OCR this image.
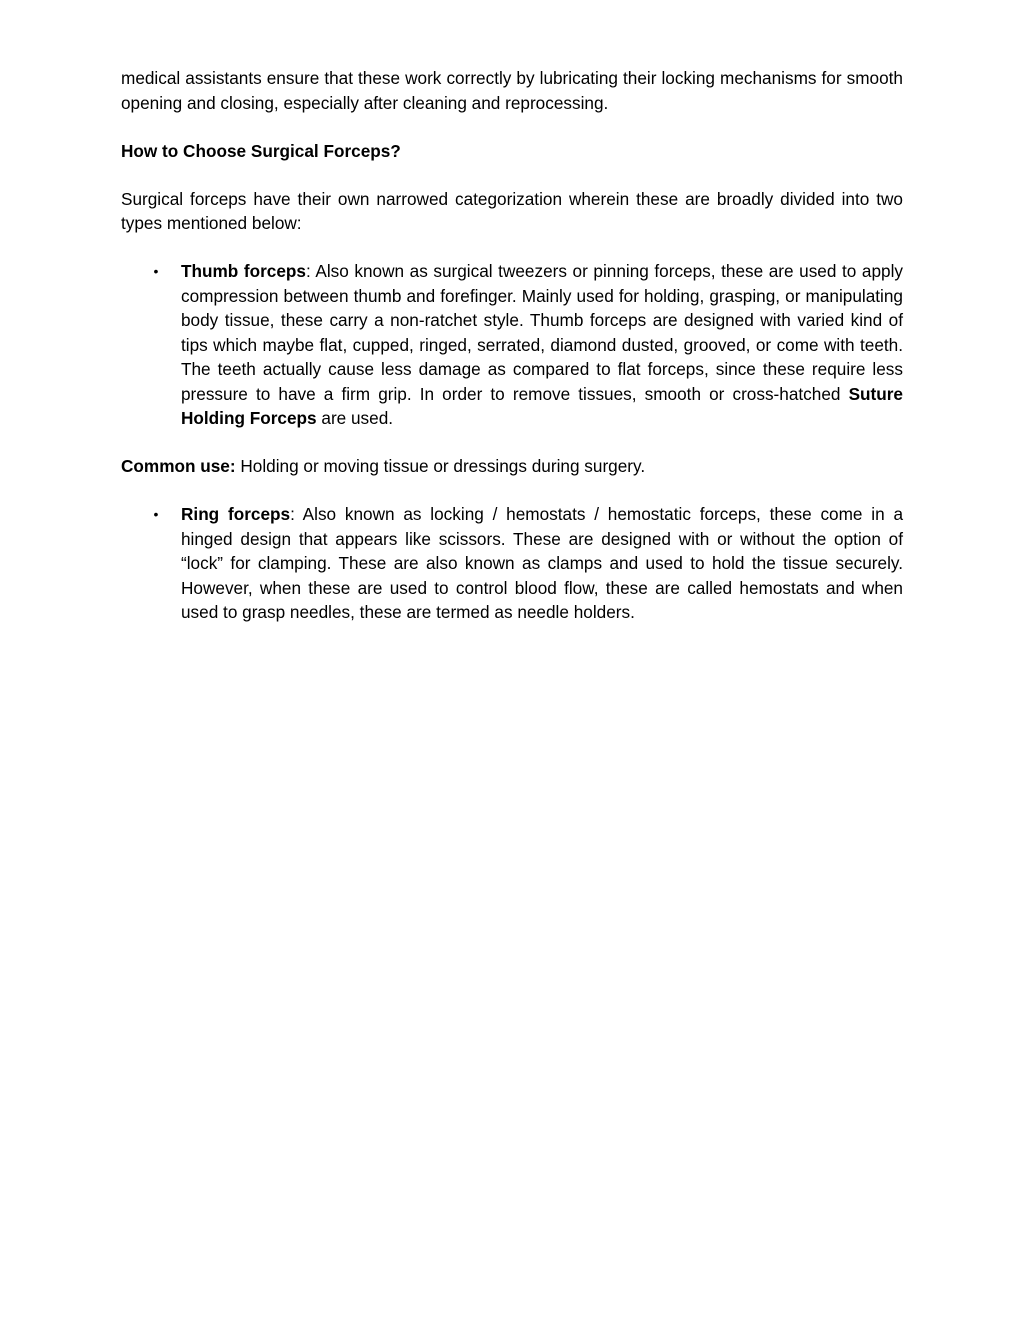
medical assistants ensure that these work correctly by lubricating their locking mechanisms for smooth opening and closing, especially after cleaning and reprocessing.

How to Choose Surgical Forceps?

Surgical forceps have their own narrowed categorization wherein these are broadly divided into two types mentioned below:

• Thumb forceps: Also known as surgical tweezers or pinning forceps, these are used to apply compression between thumb and forefinger. Mainly used for holding, grasping, or manipulating body tissue, these carry a non-ratchet style. Thumb forceps are designed with varied kind of tips which maybe flat, cupped, ringed, serrated, diamond dusted, grooved, or come with teeth. The teeth actually cause less damage as compared to flat forceps, since these require less pressure to have a firm grip. In order to remove tissues, smooth or cross-hatched Suture Holding Forceps are used.

Common use: Holding or moving tissue or dressings during surgery.

• Ring forceps: Also known as locking / hemostats / hemostatic forceps, these come in a hinged design that appears like scissors. These are designed with or without the option of “lock” for clamping. These are also known as clamps and used to hold the tissue securely. However, when these are used to control blood flow, these are called hemostats and when used to grasp needles, these are termed as needle holders.
